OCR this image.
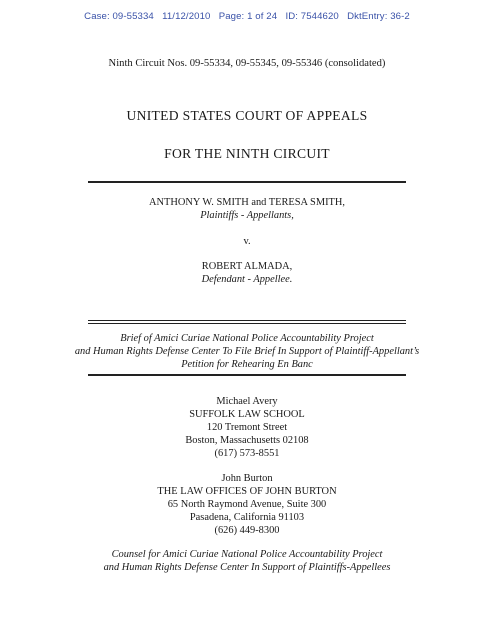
Case: 09-55334 11/12/2010 Page: 1 of 24 ID: 7544620 DktEntry: 36-2
Ninth Circuit Nos. 09-55334, 09-55345, 09-55346 (consolidated)
UNITED STATES COURT OF APPEALS
FOR THE NINTH CIRCUIT
ANTHONY W. SMITH and TERESA SMITH,
Plaintiffs - Appellants,
v.
ROBERT ALMADA,
Defendant - Appellee.
Brief of Amici Curiae National Police Accountability Project
and Human Rights Defense Center To File Brief In Support of Plaintiff-Appellant’s
Petition for Rehearing En Banc
Michael Avery
SUFFOLK LAW SCHOOL
120 Tremont Street
Boston, Massachusetts 02108
(617) 573-8551
John Burton
THE LAW OFFICES OF JOHN BURTON
65 North Raymond Avenue, Suite 300
Pasadena, California 91103
(626) 449-8300
Counsel for Amici Curiae National Police Accountability Project
and Human Rights Defense Center In Support of Plaintiffs-Appellees
